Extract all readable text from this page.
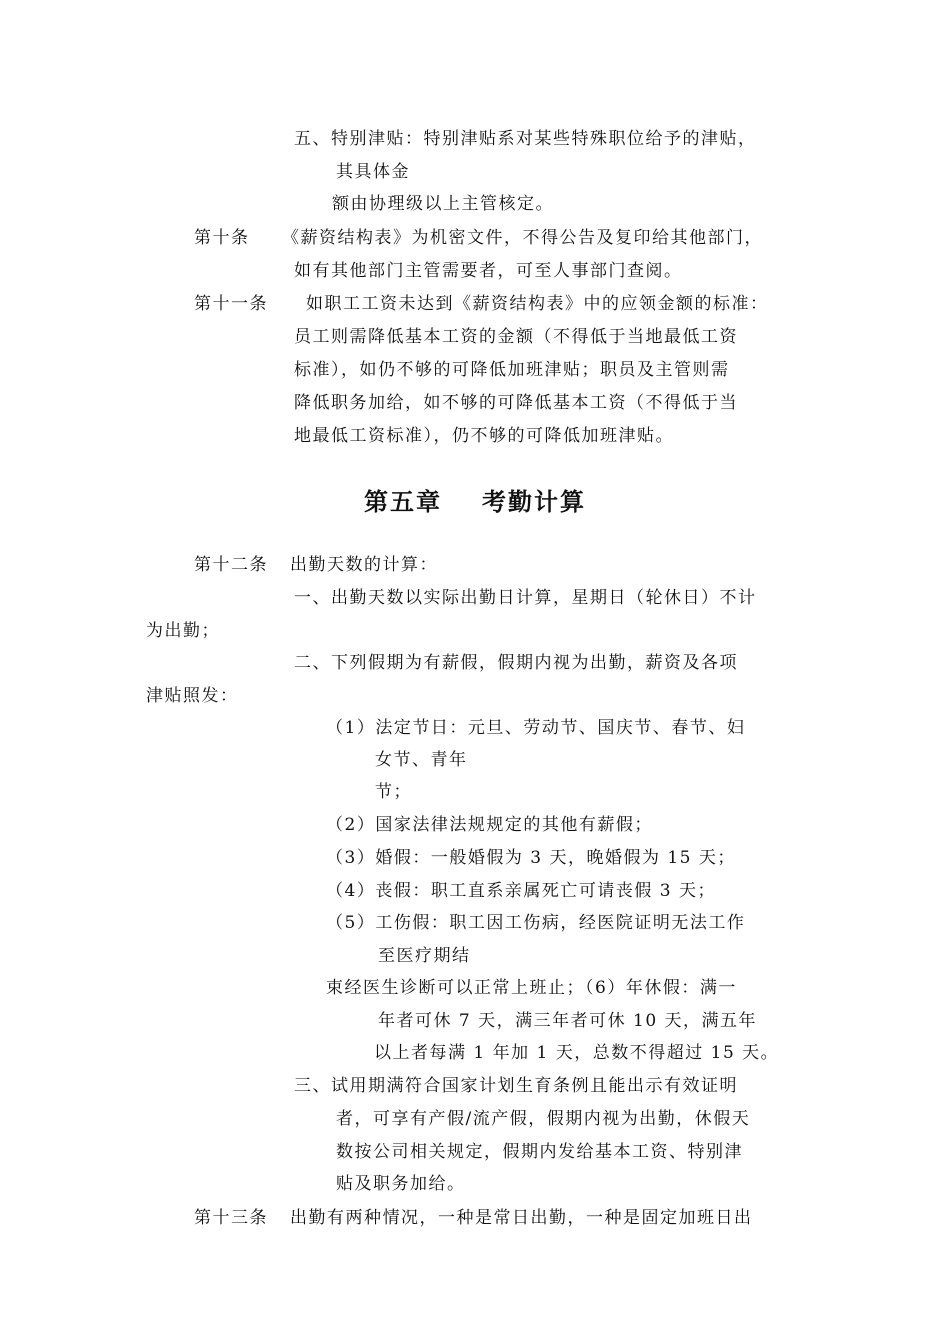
五、特别津贴：特别津贴系对某些特殊职位给予的津贴，
其具体金
额由协理级以上主管核定。
第十条 《薪资结构表》为机密文件，不得公告及复印给其他部门，
如有其他部门主管需要者，可至人事部门查阅。
第十一条 如职工工资未达到《薪资结构表》中的应领金额的标准：
员工则需降低基本工资的金额（不得低于当地最低工资
标准），如仍不够的可降低加班津贴；职员及主管则需
降低职务加给，如不够的可降低基本工资（不得低于当
地最低工资标准），仍不够的可降低加班津贴。
第五章 考勤计算
第十二条 出勤天数的计算：
一、出勤天数以实际出勤日计算，星期日（轮休日）不计
为出勤；
二、下列假期为有薪假，假期内视为出勤，薪资及各项
津贴照发：
（1）法定节日：元旦、劳动节、国庆节、春节、妇
女节、青年
节；
（2）国家法律法规规定的其他有薪假；
（3）婚假：一般婚假为 3 天，晚婚假为 15 天；
（4）丧假：职工直系亲属死亡可请丧假 3 天；
（5）工伤假：职工因工伤病，经医院证明无法工作
至医疗期结
束经医生诊断可以正常上班止；（6）年休假：满一
年者可休 7 天，满三年者可休 10 天，满五年
以上者每满 1 年加 1 天，总数不得超过 15 天。
三、试用期满符合国家计划生育条例且能出示有效证明
者，可享有产假/流产假，假期内视为出勤，休假天
数按公司相关规定，假期内发给基本工资、特别津
贴及职务加给。
第十三条 出勤有两种情况，一种是常日出勤，一种是固定加班日出
